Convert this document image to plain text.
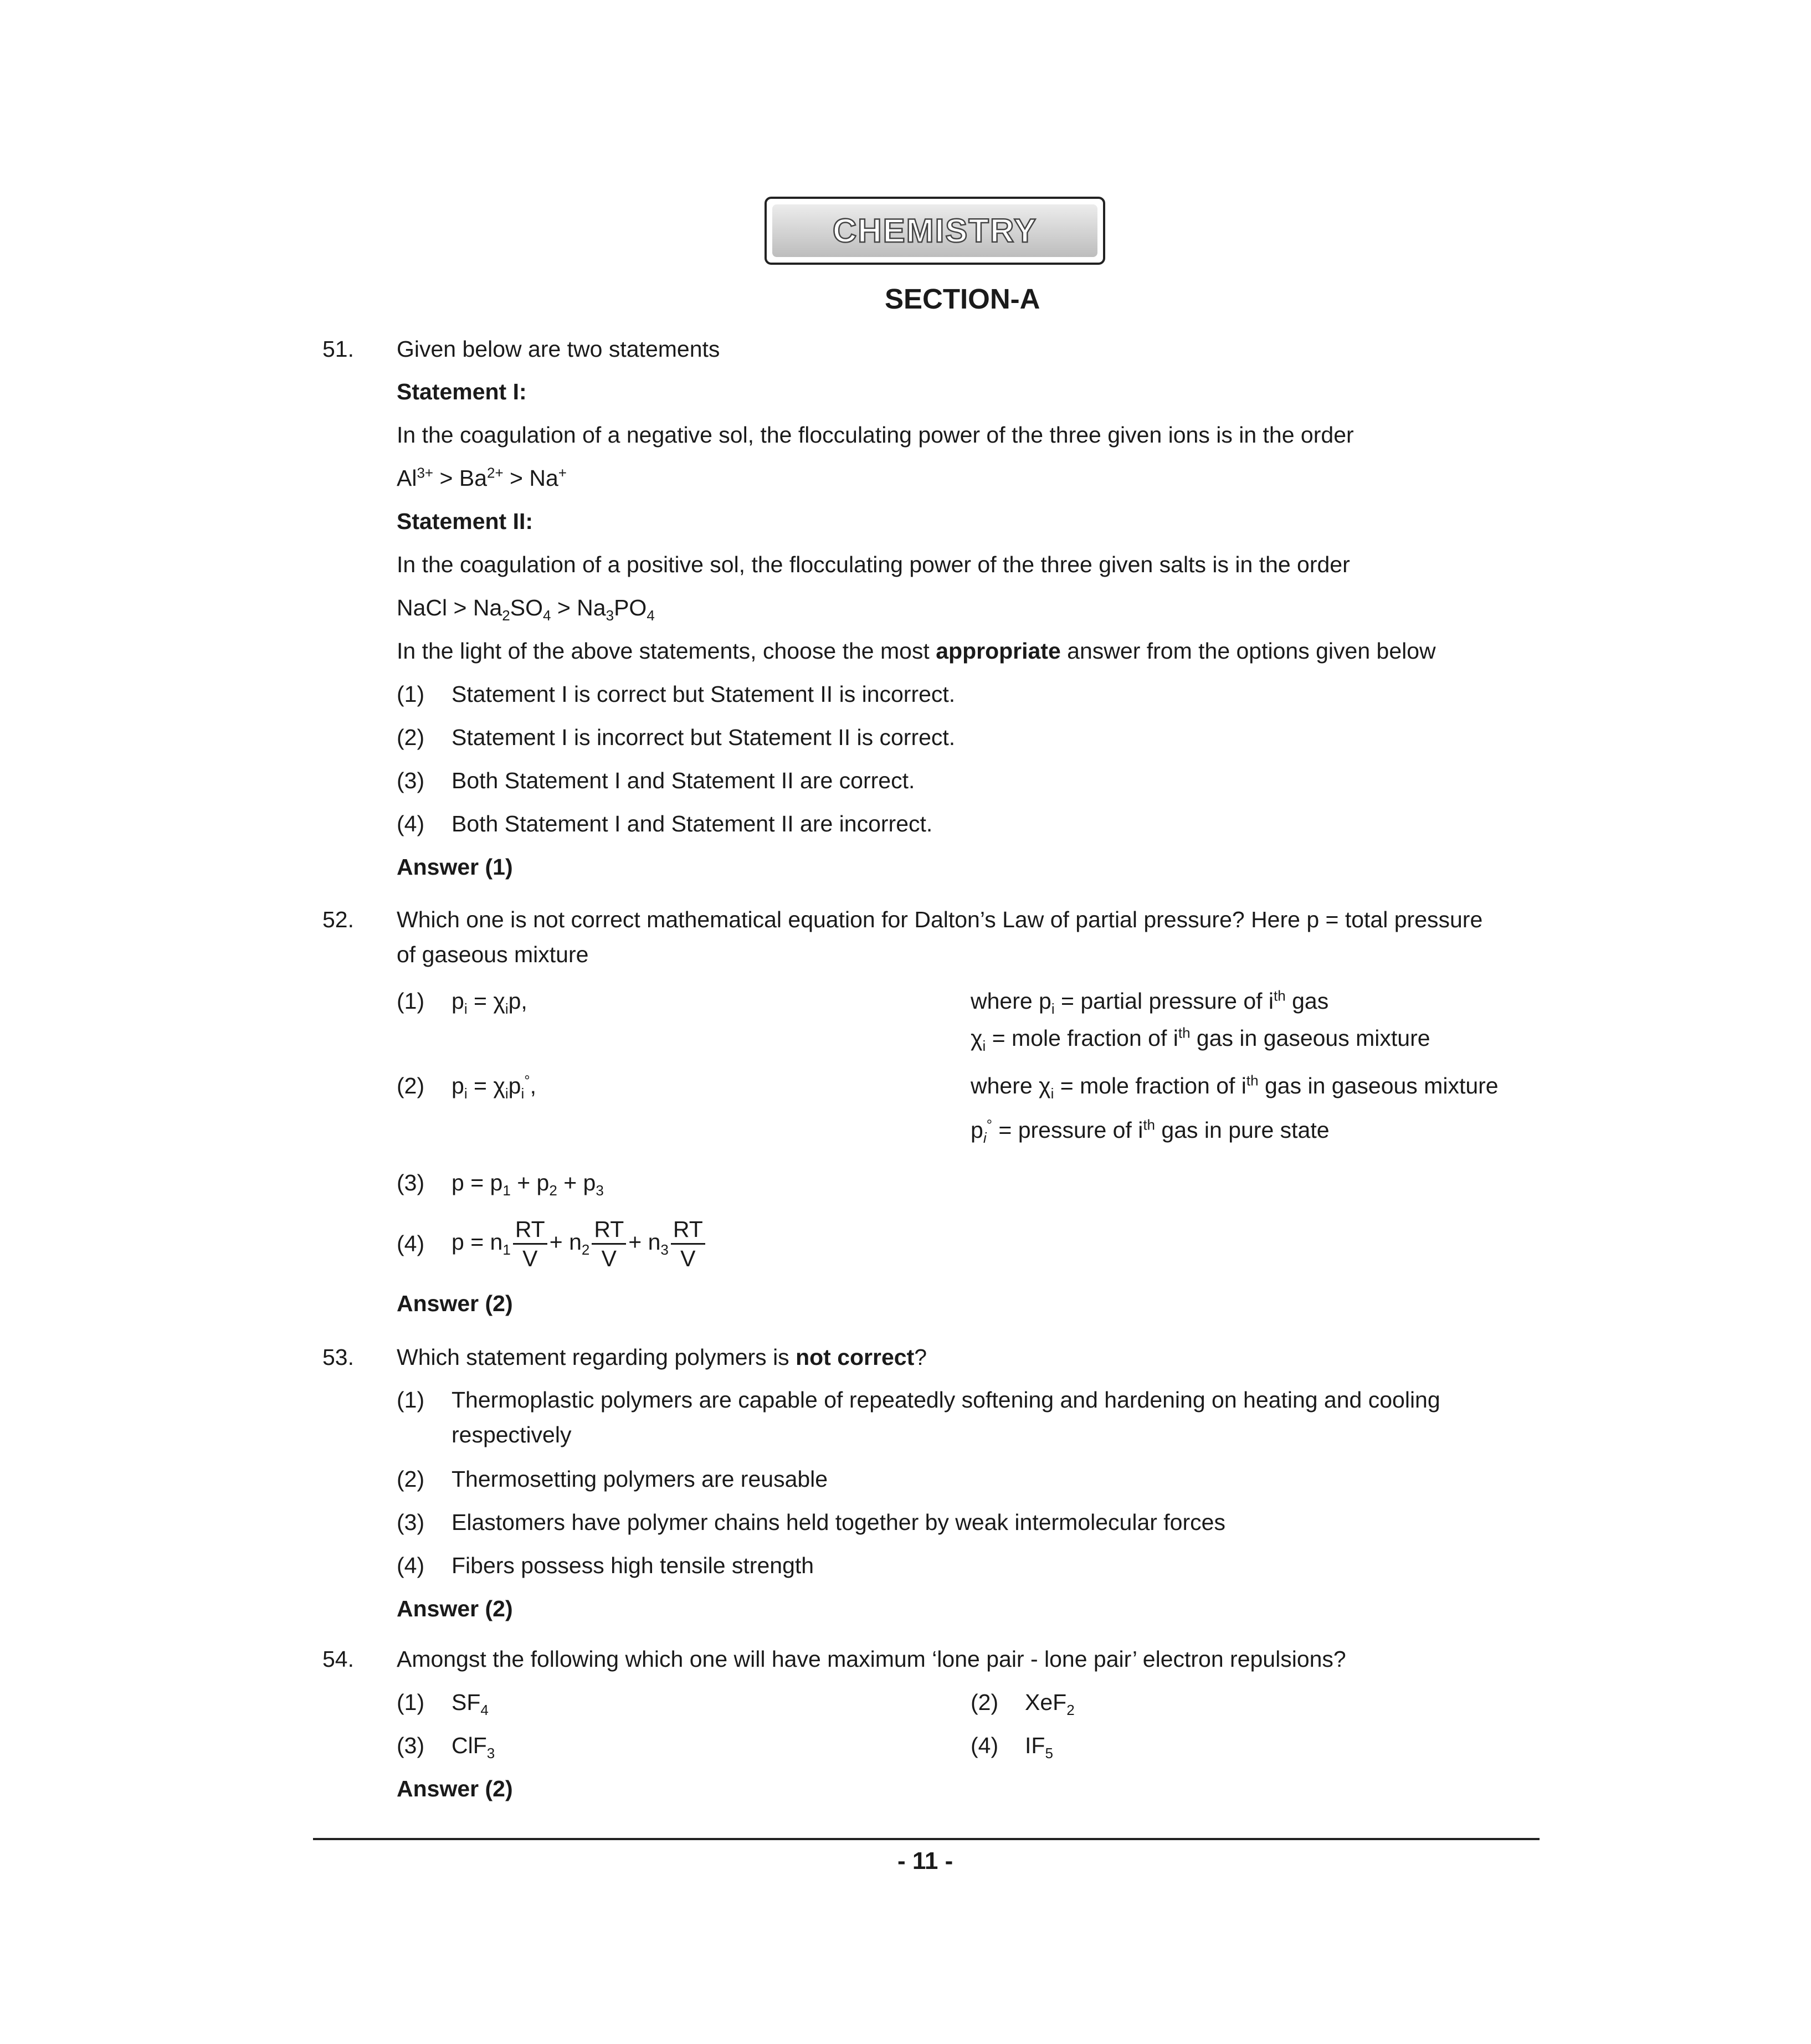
CHEMISTRY
SECTION-A
51. Given below are two statements
Statement I:
In the coagulation of a negative sol, the flocculating power of the three given ions is in the order
$Al^{3+} > Ba^{2+} > Na^+$
Statement II:
In the coagulation of a positive sol, the flocculating power of the three given salts is in the order
NaCl > $Na_2SO_4 > Na_3PO_4$
In the light of the above statements, choose the most appropriate answer from the options given below
(1) Statement I is correct but Statement II is incorrect.
(2) Statement I is incorrect but Statement II is correct.
(3) Both Statement I and Statement II are correct.
(4) Both Statement I and Statement II are incorrect.
Answer (1)
52. Which one is not correct mathematical equation for Dalton’s Law of partial pressure? Here p = total pressure
of gaseous mixture
(1) $p_i = \chi_ip$,	where $p_i$ = partial pressure of $i^{th}$ gas
$\chi_i$ = mole fraction of $i^{th}$ gas in gaseous mixture
(2) $p_i = \chi_ip_i^\circ$,	where $\chi_i$ = mole fraction of $i^{th}$ gas in gaseous mixture
$p_i^\circ$ = pressure of $i^{th}$ gas in pure state
(3) $p = p_1 + p_2 + p_3$
(4) $p = n_1 \frac{RT}{V} + n_2 \frac{RT}{V} + n_3 \frac{RT}{V}$
Answer (2)
53. Which statement regarding polymers is not correct?
(1) Thermoplastic polymers are capable of repeatedly softening and hardening on heating and cooling
respectively
(2) Thermosetting polymers are reusable
(3) Elastomers have polymer chains held together by weak intermolecular forces
(4) Fibers possess high tensile strength
Answer (2)
54. Amongst the following which one will have maximum ‘lone pair - lone pair’ electron repulsions?
(1) $SF_4$	(2) XeF$_2$
(3) ClF$_3$	(4) $IF_5$
Answer (2)
- 11 -
